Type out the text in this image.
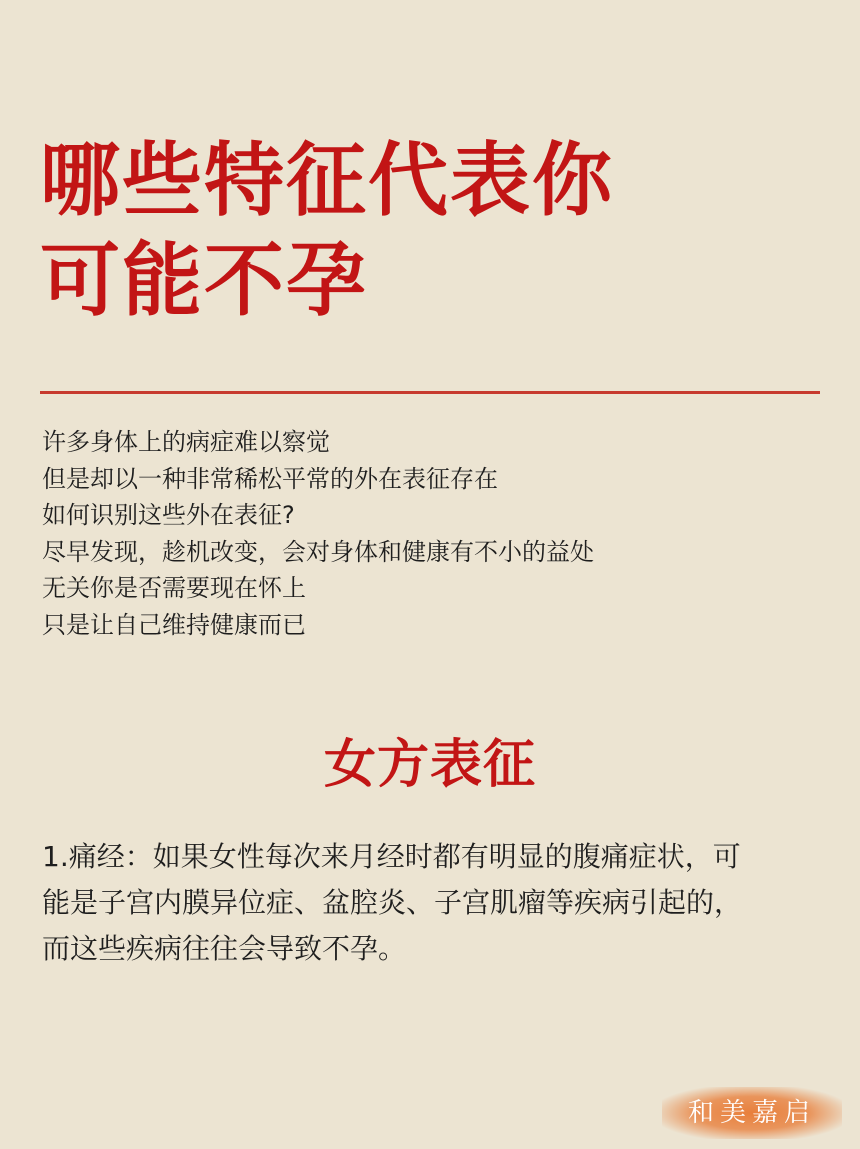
哪些特征代表你
可能不孕
许多身体上的病症难以察觉
但是却以一种非常稀松平常的外在表征存在
如何识别这些外在表征?
尽早发现，趁机改变，会对身体和健康有不小的益处
无关你是否需要现在怀上
只是让自己维持健康而已
女方表征
1.痛经：如果女性每次来月经时都有明显的腹痛症状，可
能是子宫内膜异位症、盆腔炎、子宫肌瘤等疾病引起的，
而这些疾病往往会导致不孕。
和美嘉启
